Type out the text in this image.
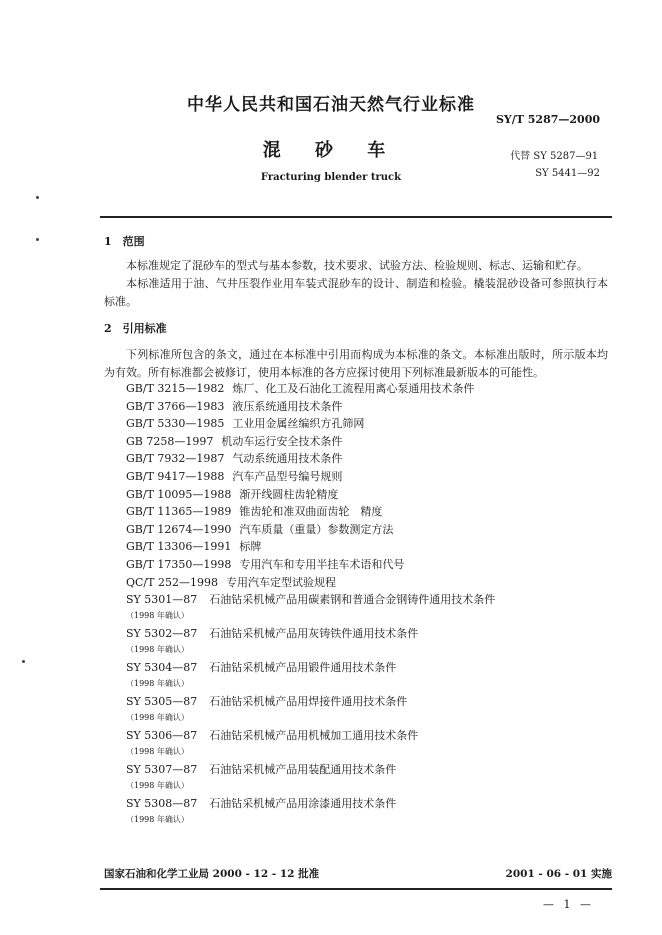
中华人民共和国石油天然气行业标准
SY/T 5287—2000
混 砂 车	代替 SY 5287—91
SY 5441—92
Fracturing blender truck
1　范围
本标准规定了混砂车的型式与基本参数，技术要求、试验方法、检验规则、标志、运输和贮存。
本标准适用于油、气井压裂作业用车装式混砂车的设计、制造和检验。橇装混砂设备可参照执行本标准。
2　引用标准
下列标准所包含的条文，通过在本标准中引用而构成为本标准的条文。本标准出版时，所示版本均为有效。所有标准都会被修订，使用本标准的各方应探讨使用下列标准最新版本的可能性。
GB/T 3215—1982 炼厂、化工及石油化工流程用离心泵通用技术条件
GB/T 3766—1983 液压系统通用技术条件
GB/T 5330—1985 工业用金属丝编织方孔筛网
GB 7258—1997 机动车运行安全技术条件
GB/T 7932—1987 气动系统通用技术条件
GB/T 9417—1988 汽车产品型号编号规则
GB/T 10095—1988 渐开线圆柱齿轮精度
GB/T 11365—1989 锥齿轮和准双曲面齿轮　精度
GB/T 12674—1990 汽车质量（重量）参数测定方法
GB/T 13306—1991 标牌
GB/T 17350—1998 专用汽车和专用半挂车术语和代号
QC/T 252—1998 专用汽车定型试验规程
SY 5301—87 石油钻采机械产品用碳素钢和普通合金钢铸件通用技术条件
（1998 年确认）
SY 5302—87 石油钻采机械产品用灰铸铁件通用技术条件
（1998 年确认）
SY 5304—87 石油钻采机械产品用锻件通用技术条件
（1998 年确认）
SY 5305—87 石油钻采机械产品用焊接件通用技术条件
（1998 年确认）
SY 5306—87 石油钻采机械产品用机械加工通用技术条件
（1998 年确认）
SY 5307—87 石油钻采机械产品用装配通用技术条件
（1998 年确认）
SY 5308—87 石油钻采机械产品用涂漆通用技术条件
（1998 年确认）
国家石油和化学工业局 2000 - 12 - 12 批准	2001 - 06 - 01 实施
— 1 —
